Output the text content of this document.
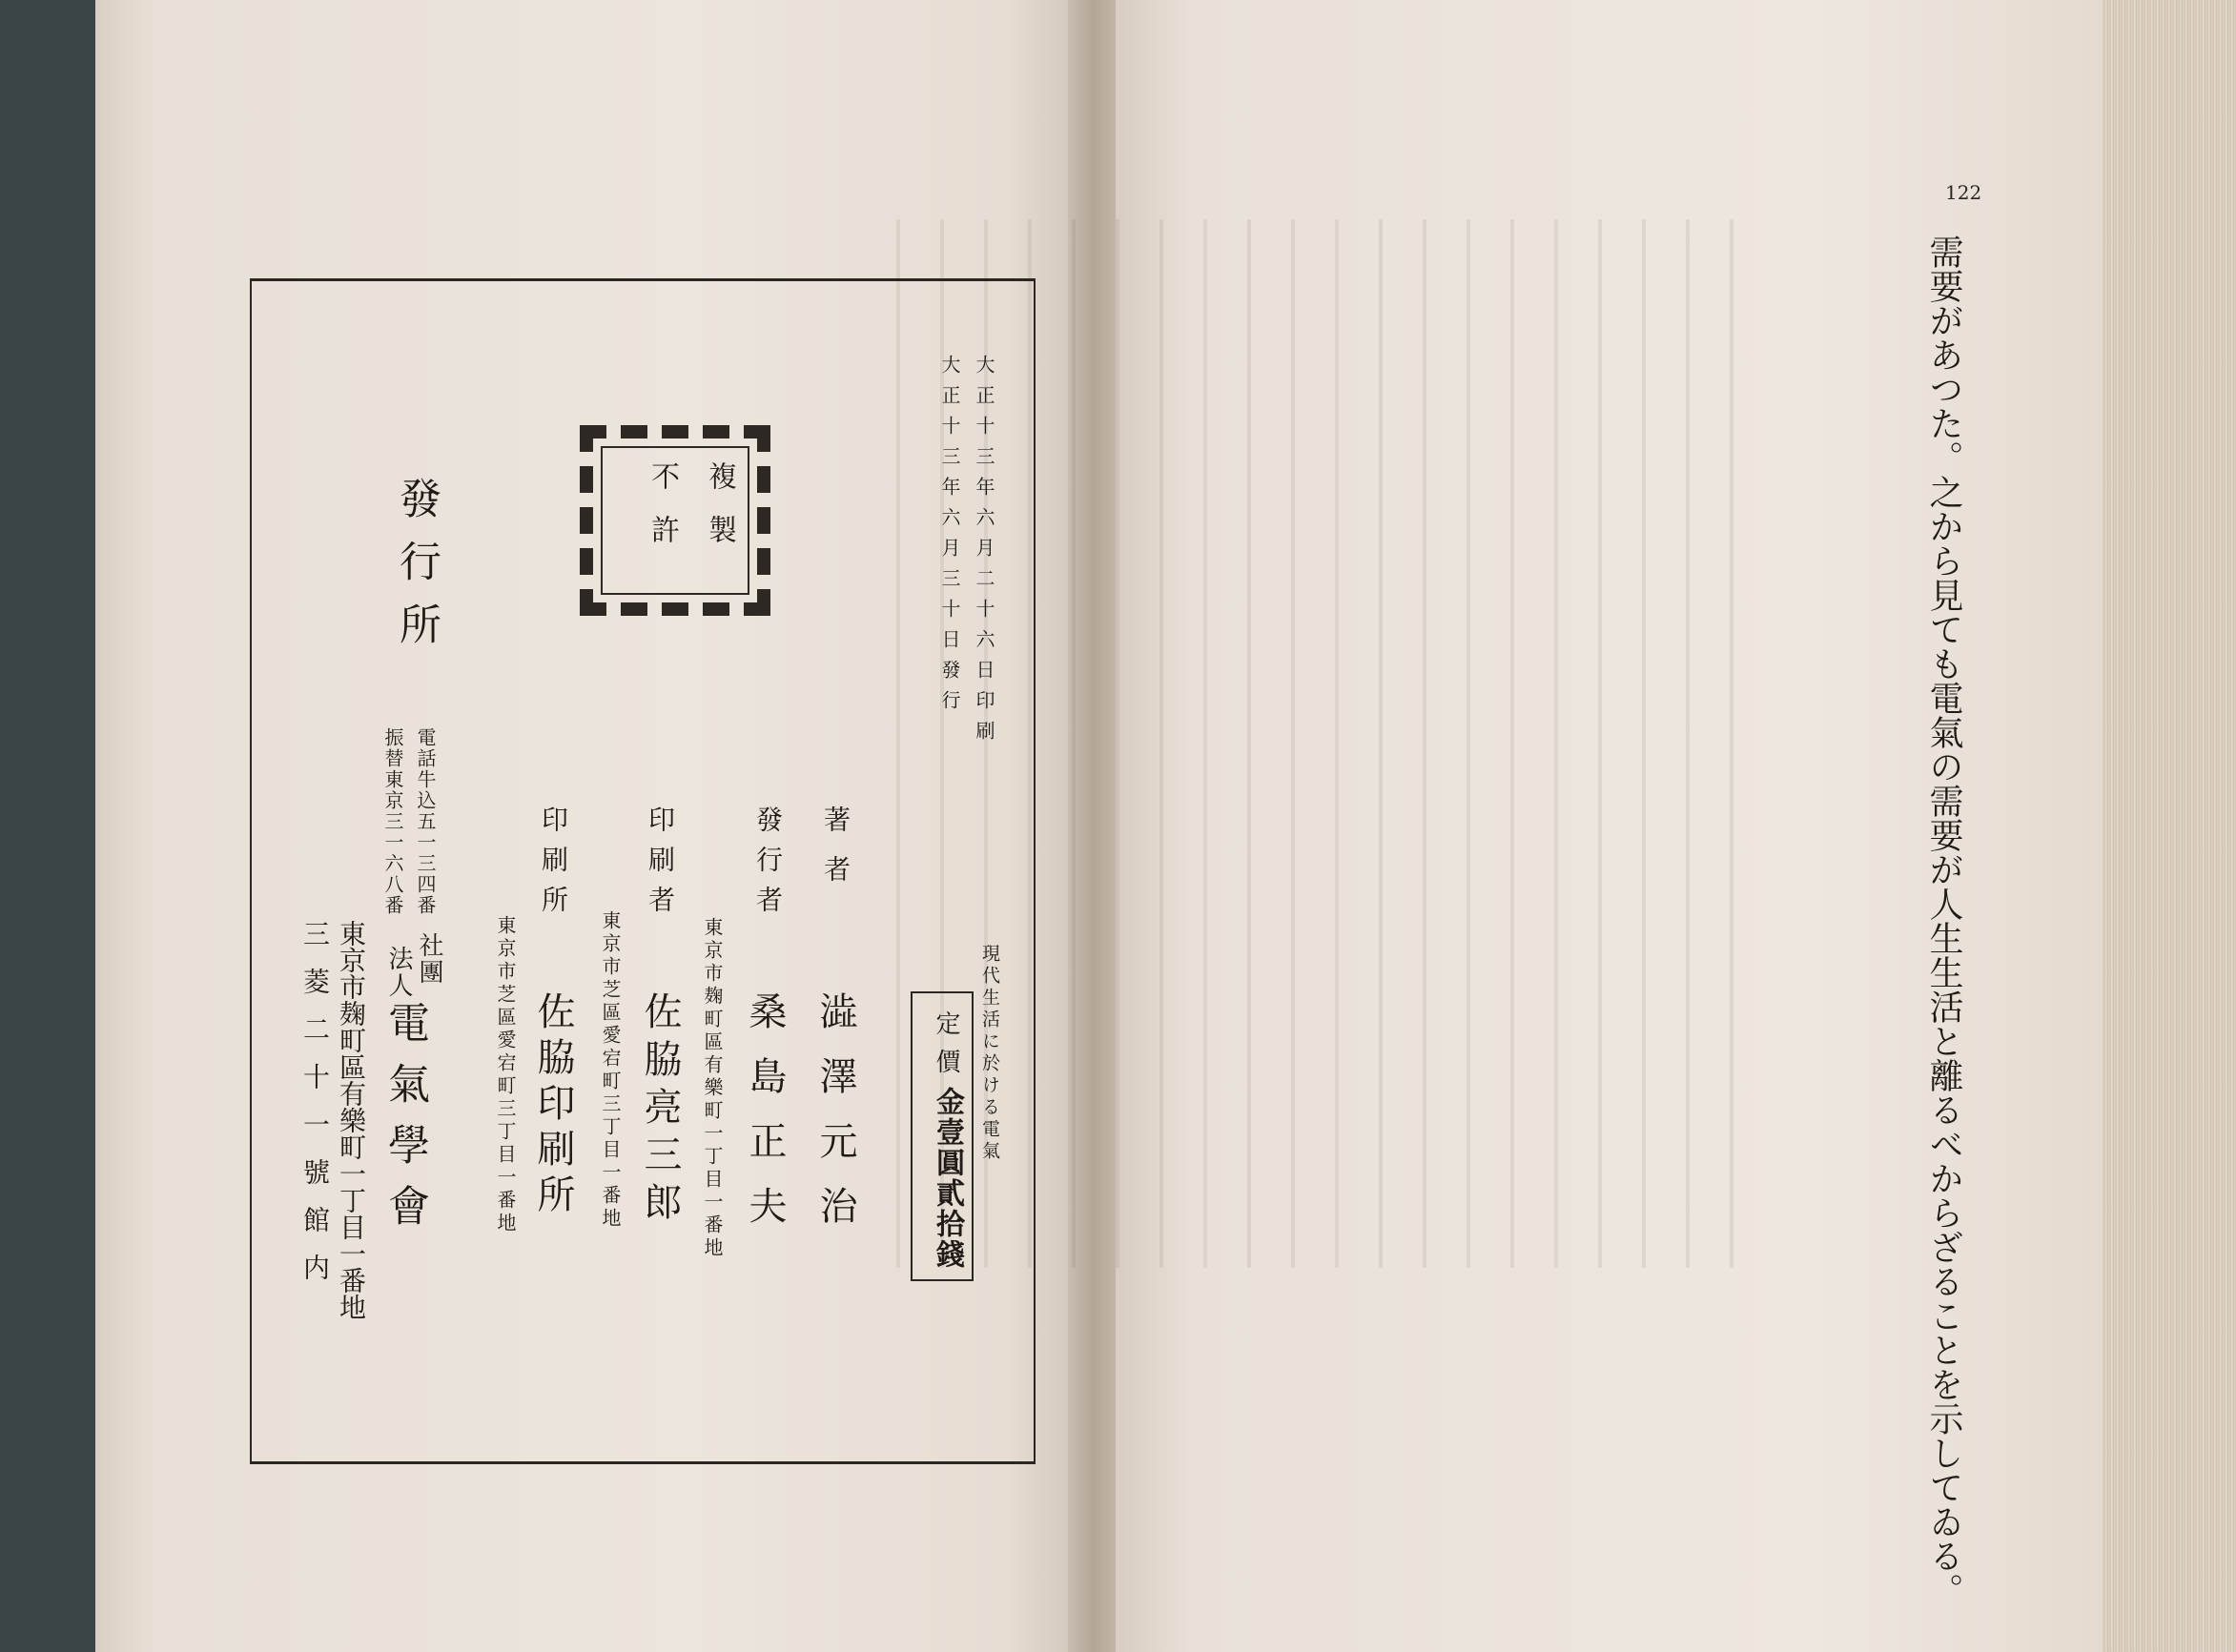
大正十三年六月二十六日印刷
大正十三年六月三十日發行
複製
不許
現代生活に於ける電氣
定價
金壹圓貳拾錢
著者
澁澤元治
發行者
東京市麹町區有樂町一丁目一番地 桑島正夫
印刷者
東京市芝區愛宕町三丁目一番地 佐脇亮三郎
印刷所
東京市芝區愛宕町三丁目一番地 佐脇印刷所
發行所
電話牛込五一三四番
振替東京三一六八番
社團
法人
電氣學會
東京市麹町區有樂町一丁目一番地
三菱二十一號館内
122
需要があつた。之から見ても電氣の需要が人生生活と離るべからざることを示してゐる。
